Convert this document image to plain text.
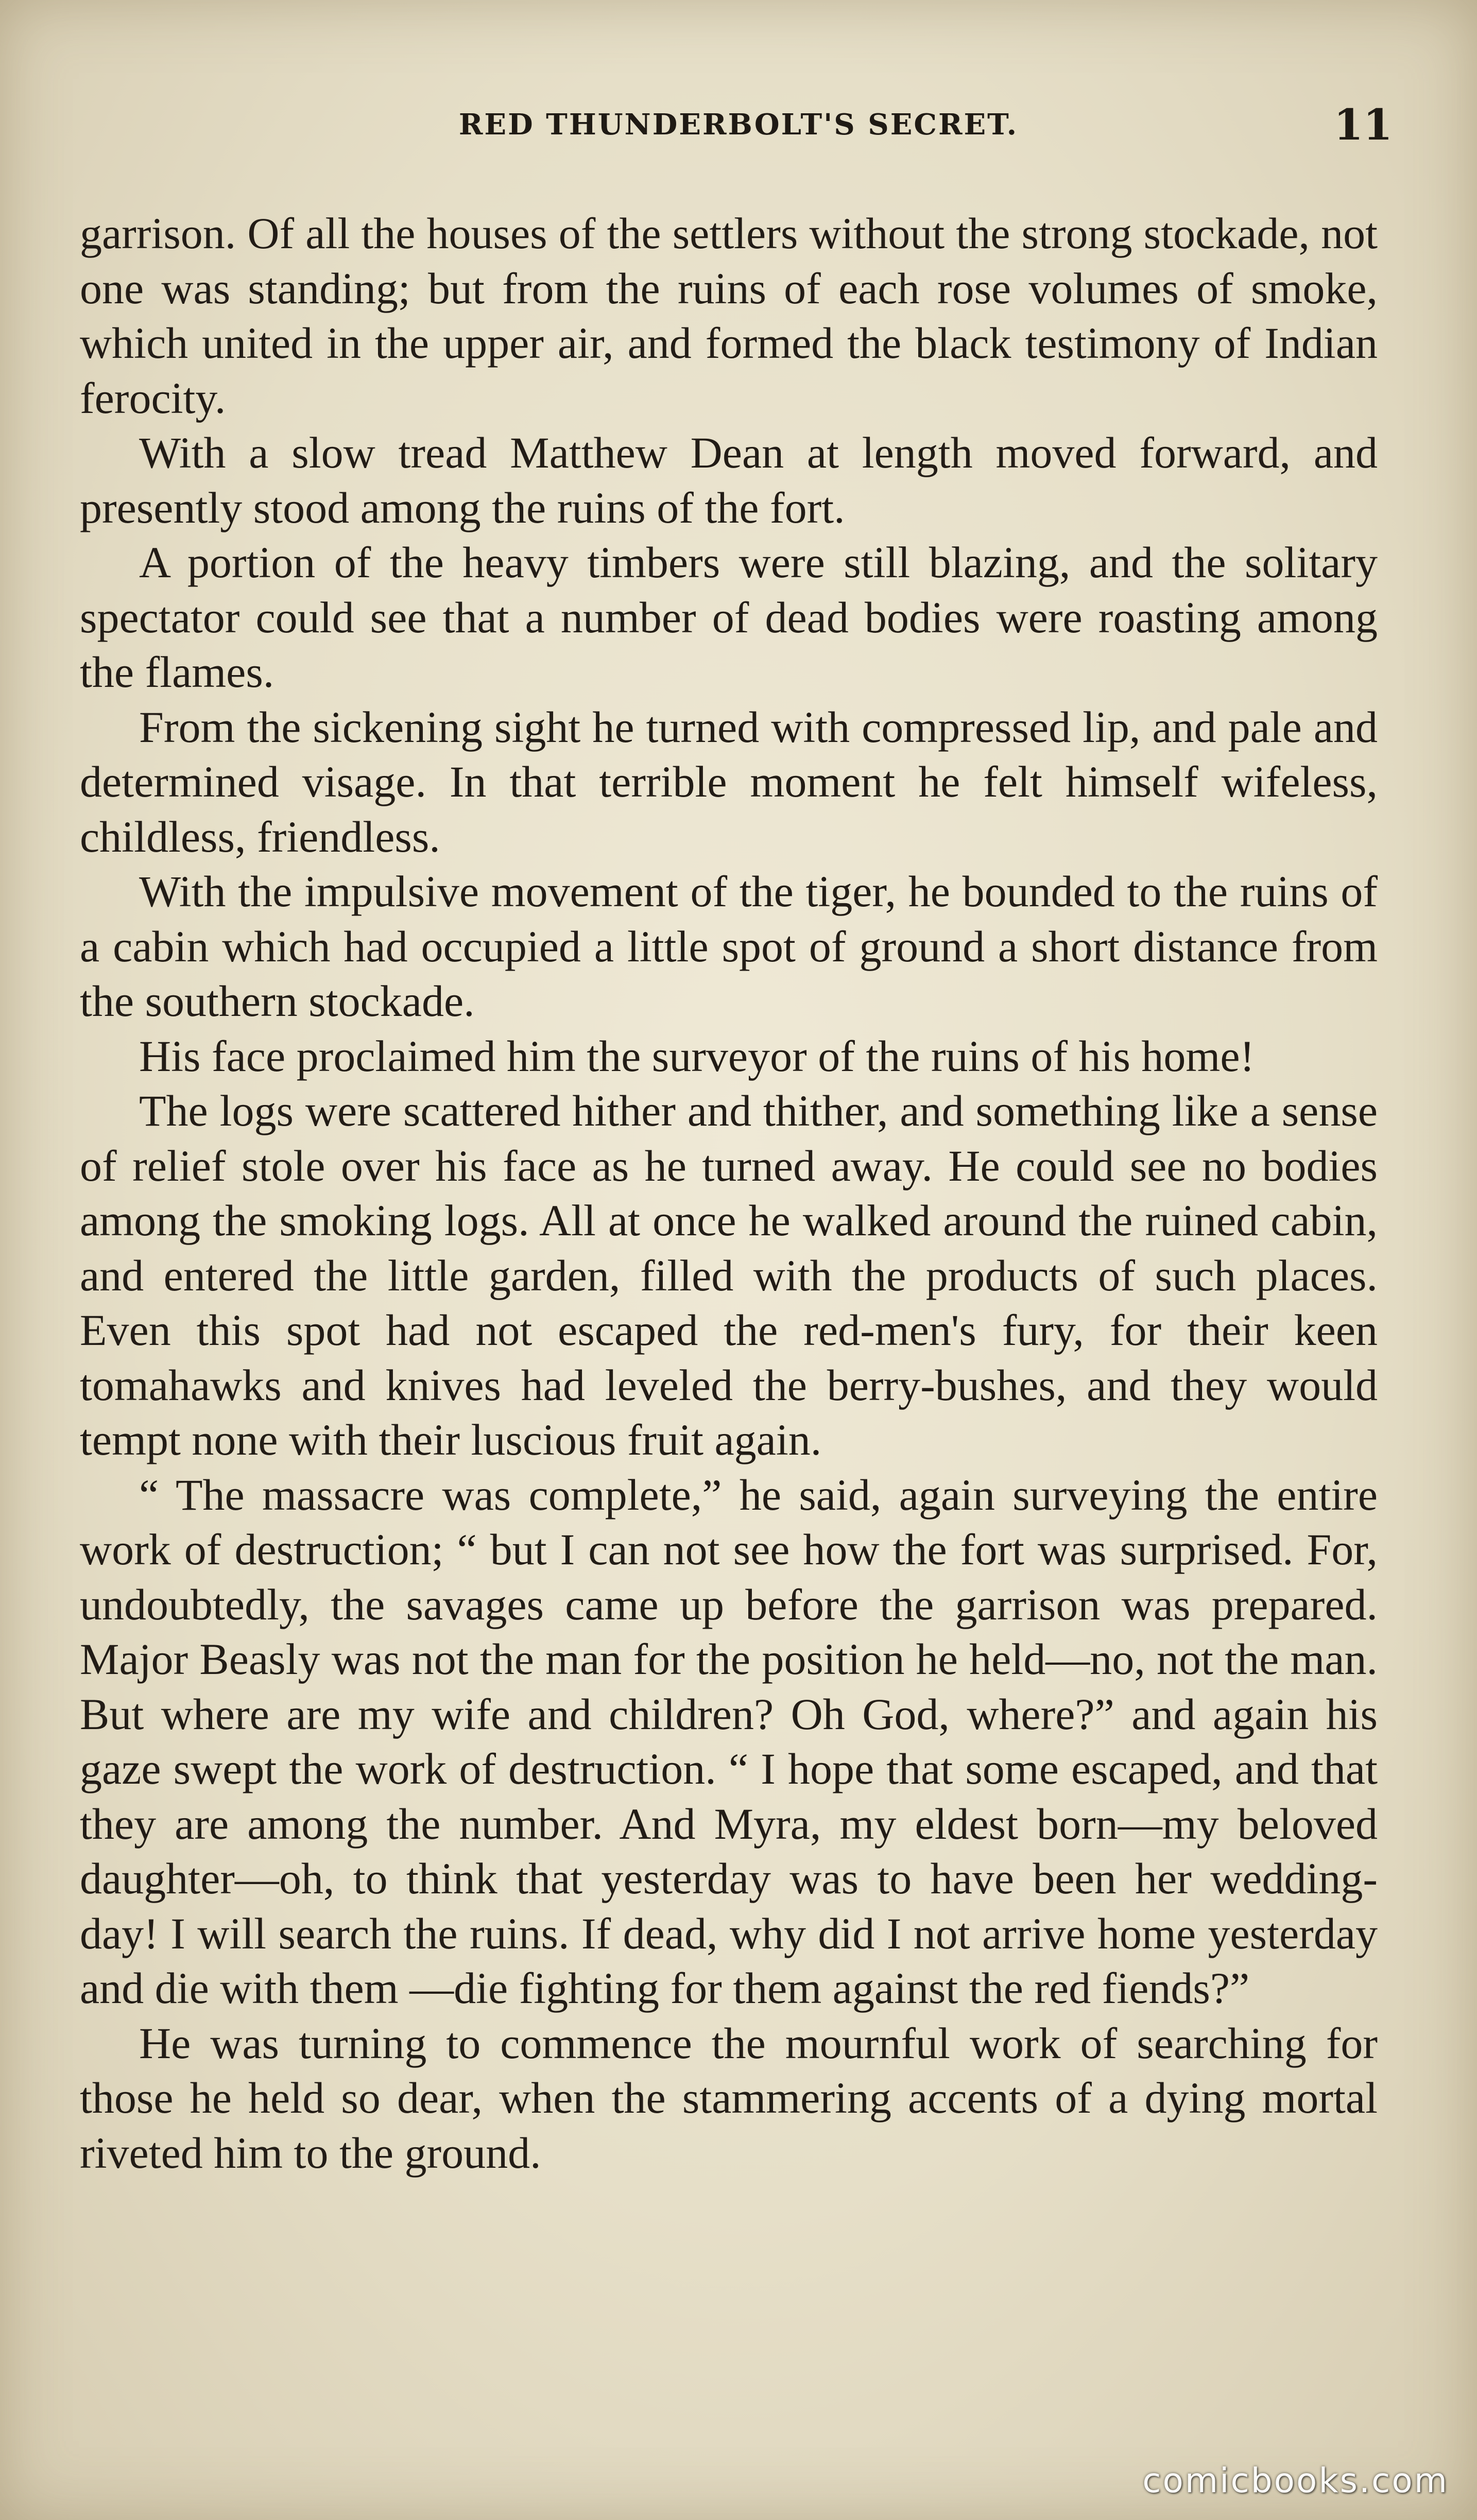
RED THUNDERBOLT'S SECRET.	11

garrison. Of all the houses of the settlers without the strong stockade, not one was standing; but from the ruins of each rose volumes of smoke, which united in the upper air, and formed the black testimony of Indian ferocity.

With a slow tread Matthew Dean at length moved forward, and presently stood among the ruins of the fort.

A portion of the heavy timbers were still blazing, and the solitary spectator could see that a number of dead bodies were roasting among the flames.

From the sickening sight he turned with compressed lip, and pale and determined visage. In that terrible moment he felt himself wifeless, childless, friendless.

With the impulsive movement of the tiger, he bounded to the ruins of a cabin which had occupied a little spot of ground a short distance from the southern stockade.

His face proclaimed him the surveyor of the ruins of his home!

The logs were scattered hither and thither, and something like a sense of relief stole over his face as he turned away. He could see no bodies among the smoking logs. All at once he walked around the ruined cabin, and entered the little garden, filled with the products of such places. Even this spot had not escaped the red-men's fury, for their keen tomahawks and knives had leveled the berry-bushes, and they would tempt none with their luscious fruit again.

“ The massacre was complete,” he said, again surveying the entire work of destruction; “ but I can not see how the fort was surprised. For, undoubtedly, the savages came up before the garrison was prepared. Major Beasly was not the man for the position he held—no, not the man. But where are my wife and children? Oh God, where?” and again his gaze swept the work of destruction. “ I hope that some escaped, and that they are among the number. And Myra, my eldest born—my beloved daughter—oh, to think that yesterday was to have been her wedding-day! I will search the ruins. If dead, why did I not arrive home yesterday and die with them —die fighting for them against the red fiends?”

He was turning to commence the mournful work of searching for those he held so dear, when the stammering accents of a dying mortal riveted him to the ground.

comicbooks.com
